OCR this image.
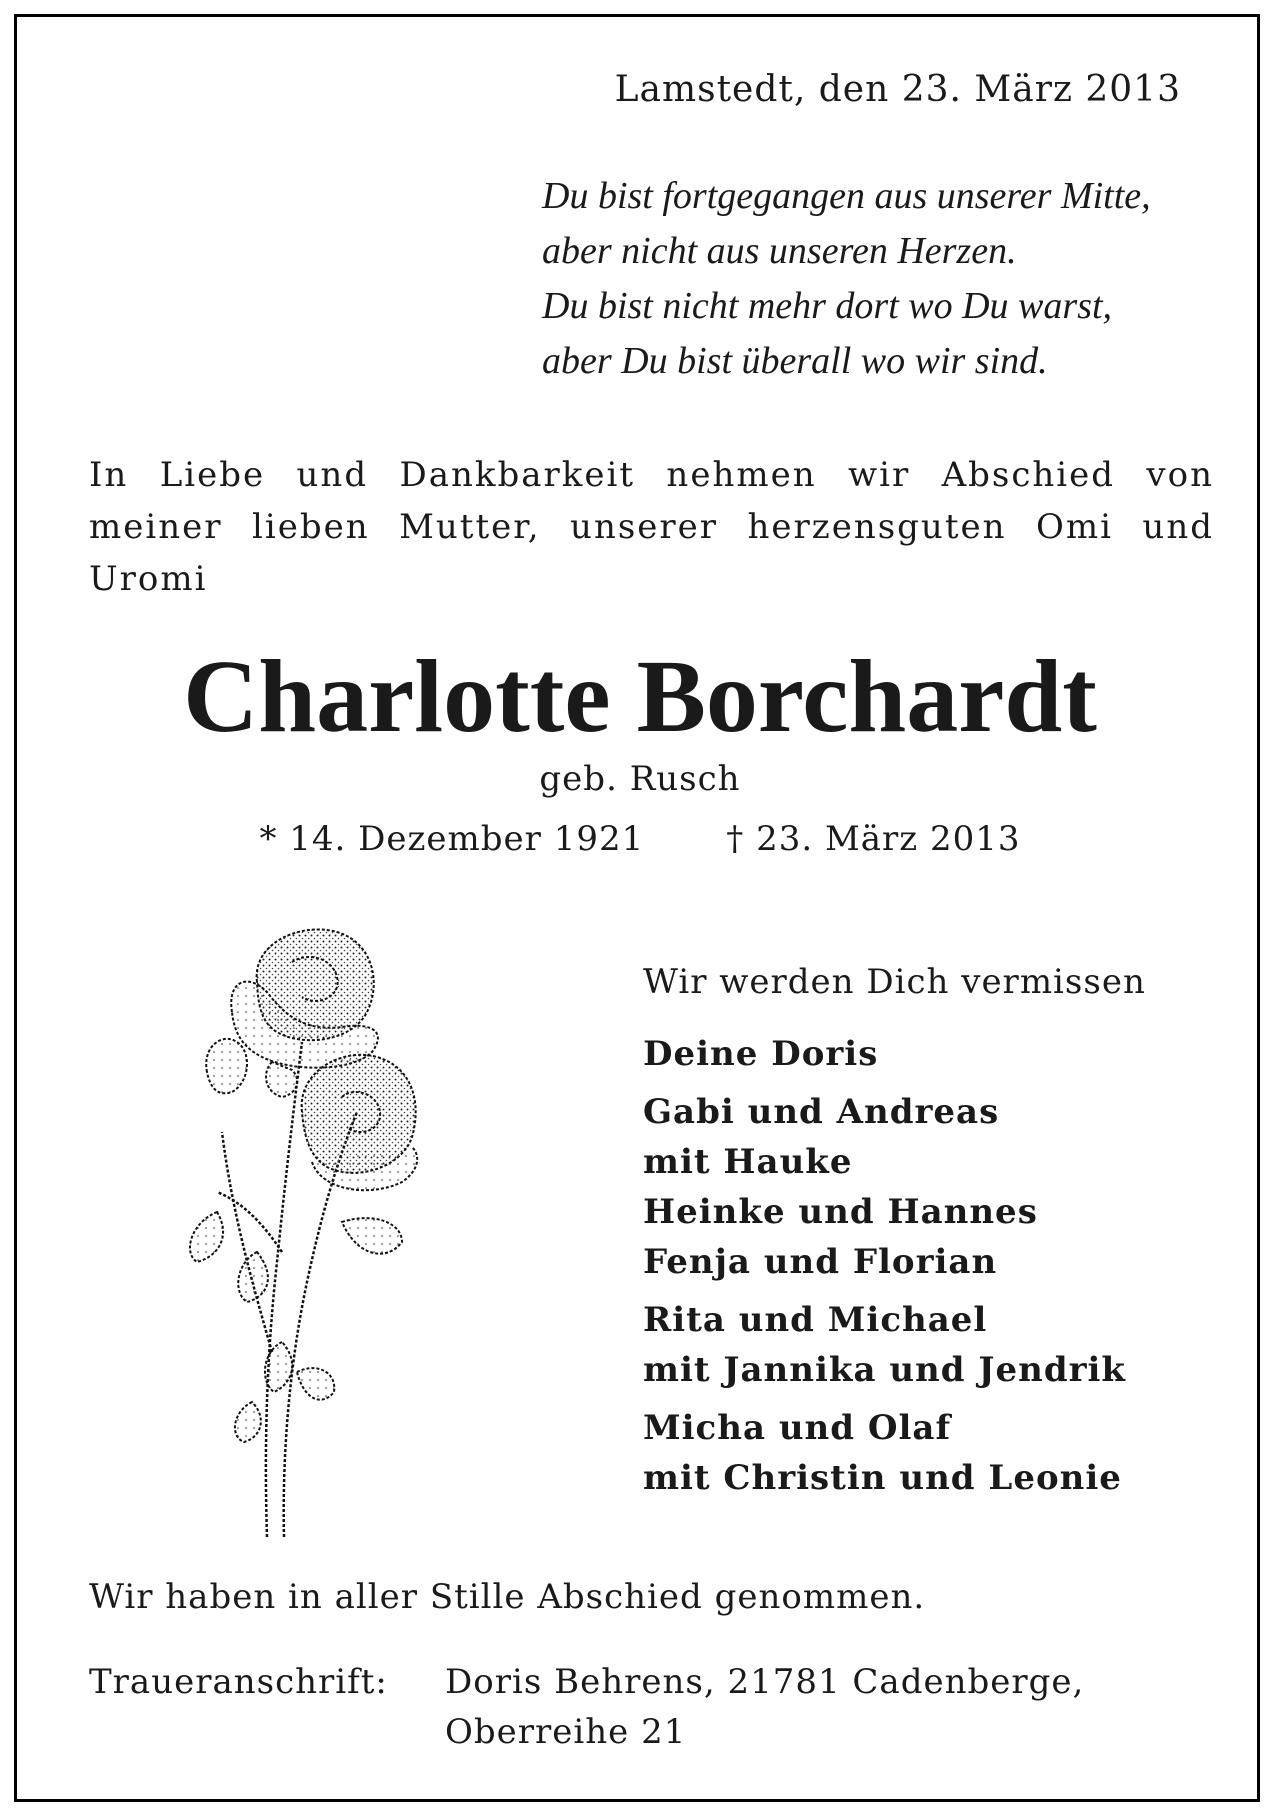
Lamstedt, den 23. März 2013
Du bist fortgegangen aus unserer Mitte,
aber nicht aus unseren Herzen.
Du bist nicht mehr dort wo Du warst,
aber Du bist überall wo wir sind.
In Liebe und Dankbarkeit nehmen wir Abschied von
meiner lieben Mutter, unserer herzensguten Omi und
Uromi
Charlotte Borchardt
geb. Rusch
* 14. Dezember 1921 † 23. März 2013
Wir werden Dich vermissen
Deine Doris
Gabi und Andreas
mit Hauke
Heinke und Hannes
Fenja und Florian
Rita und Michael
mit Jannika und Jendrik
Micha und Olaf
mit Christin und Leonie
Wir haben in aller Stille Abschied genommen.
Traueranschrift: Doris Behrens, 21781 Cadenberge,
Oberreihe 21
